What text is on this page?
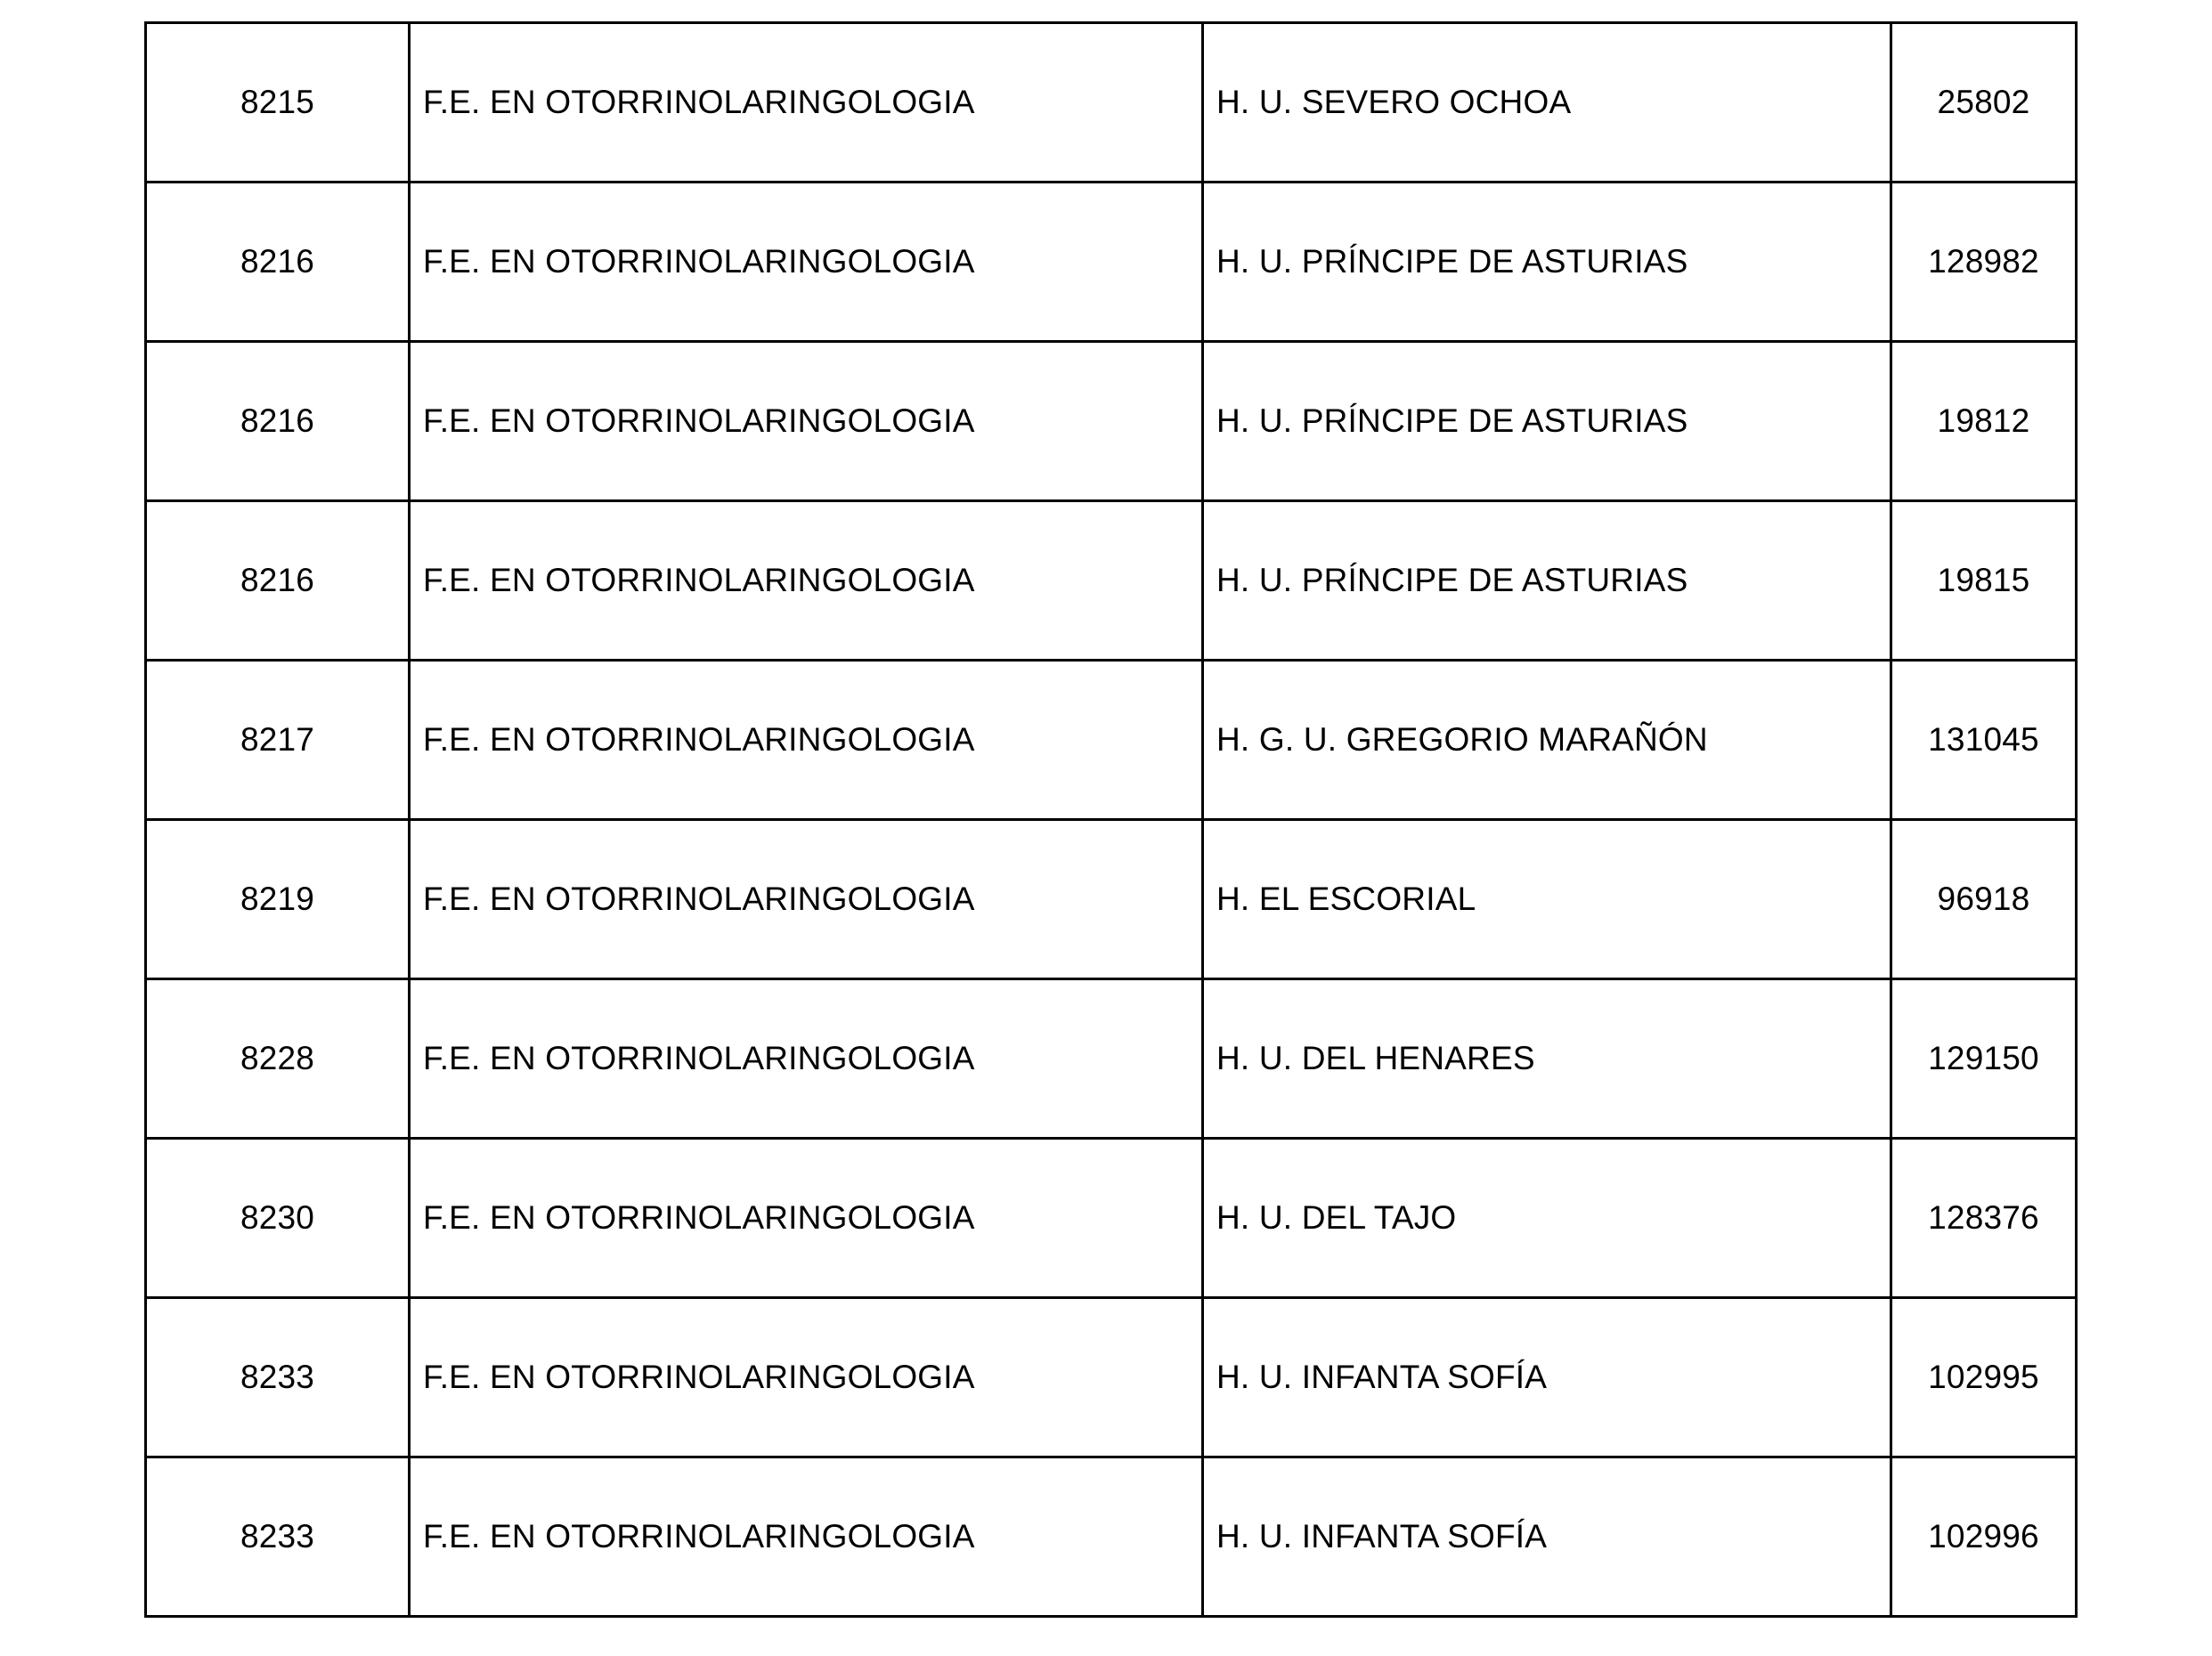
8215	F.E. EN OTORRINOLARINGOLOGIA	H. U. SEVERO OCHOA	25802
8216	F.E. EN OTORRINOLARINGOLOGIA	H. U. PRÍNCIPE DE ASTURIAS	128982
8216	F.E. EN OTORRINOLARINGOLOGIA	H. U. PRÍNCIPE DE ASTURIAS	19812
8216	F.E. EN OTORRINOLARINGOLOGIA	H. U. PRÍNCIPE DE ASTURIAS	19815
8217	F.E. EN OTORRINOLARINGOLOGIA	H. G. U. GREGORIO MARAÑÓN	131045
8219	F.E. EN OTORRINOLARINGOLOGIA	H. EL ESCORIAL	96918
8228	F.E. EN OTORRINOLARINGOLOGIA	H. U. DEL HENARES	129150
8230	F.E. EN OTORRINOLARINGOLOGIA	H. U. DEL TAJO	128376
8233	F.E. EN OTORRINOLARINGOLOGIA	H. U. INFANTA SOFÍA	102995
8233	F.E. EN OTORRINOLARINGOLOGIA	H. U. INFANTA SOFÍA	102996
